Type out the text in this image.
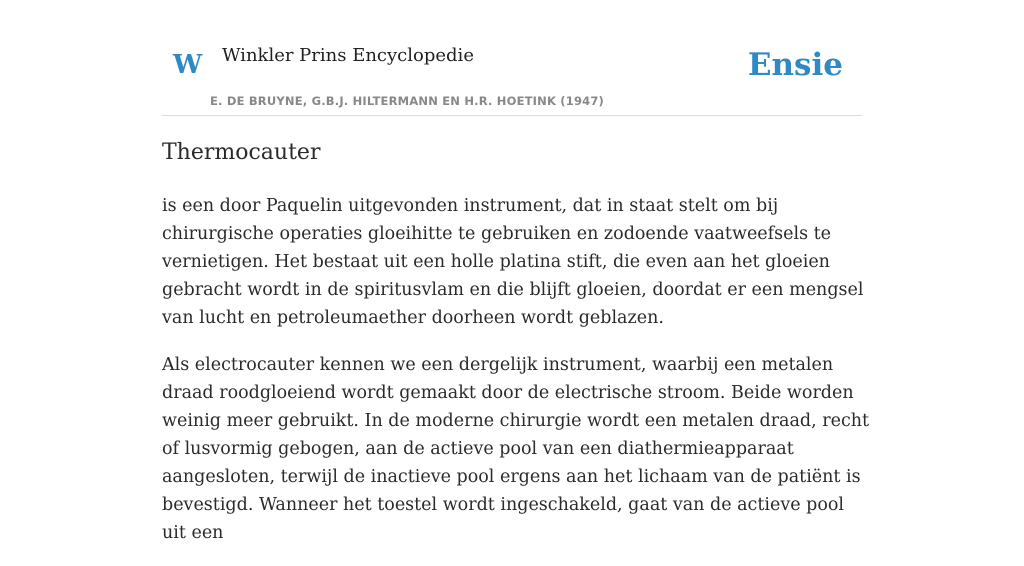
W Winkler Prins Encyclopedie
E. DE BRUYNE, G.B.J. HILTERMANN EN H.R. HOETINK (1947)
Ensie
Thermocauter

is een door Paquelin uitgevonden instrument, dat in staat stelt om bij chirurgische operaties gloeihitte te gebruiken en zodoende vaatweefsels te vernietigen. Het bestaat uit een holle platina stift, die even aan het gloeien gebracht wordt in de spiritusvlam en die blijft gloeien, doordat er een mengsel van lucht en petroleumaether doorheen wordt geblazen.

Als electrocauter kennen we een dergelijk instrument, waarbij een metalen draad roodgloeiend wordt gemaakt door de electrische stroom. Beide worden weinig meer gebruikt. In de moderne chirurgie wordt een metalen draad, recht of lusvormig gebogen, aan de actieve pool van een diathermieapparaat aangesloten, terwijl de inactieve pool ergens aan het lichaam van de patiënt is bevestigd. Wanneer het toestel wordt ingeschakeld, gaat van de actieve pool uit een
